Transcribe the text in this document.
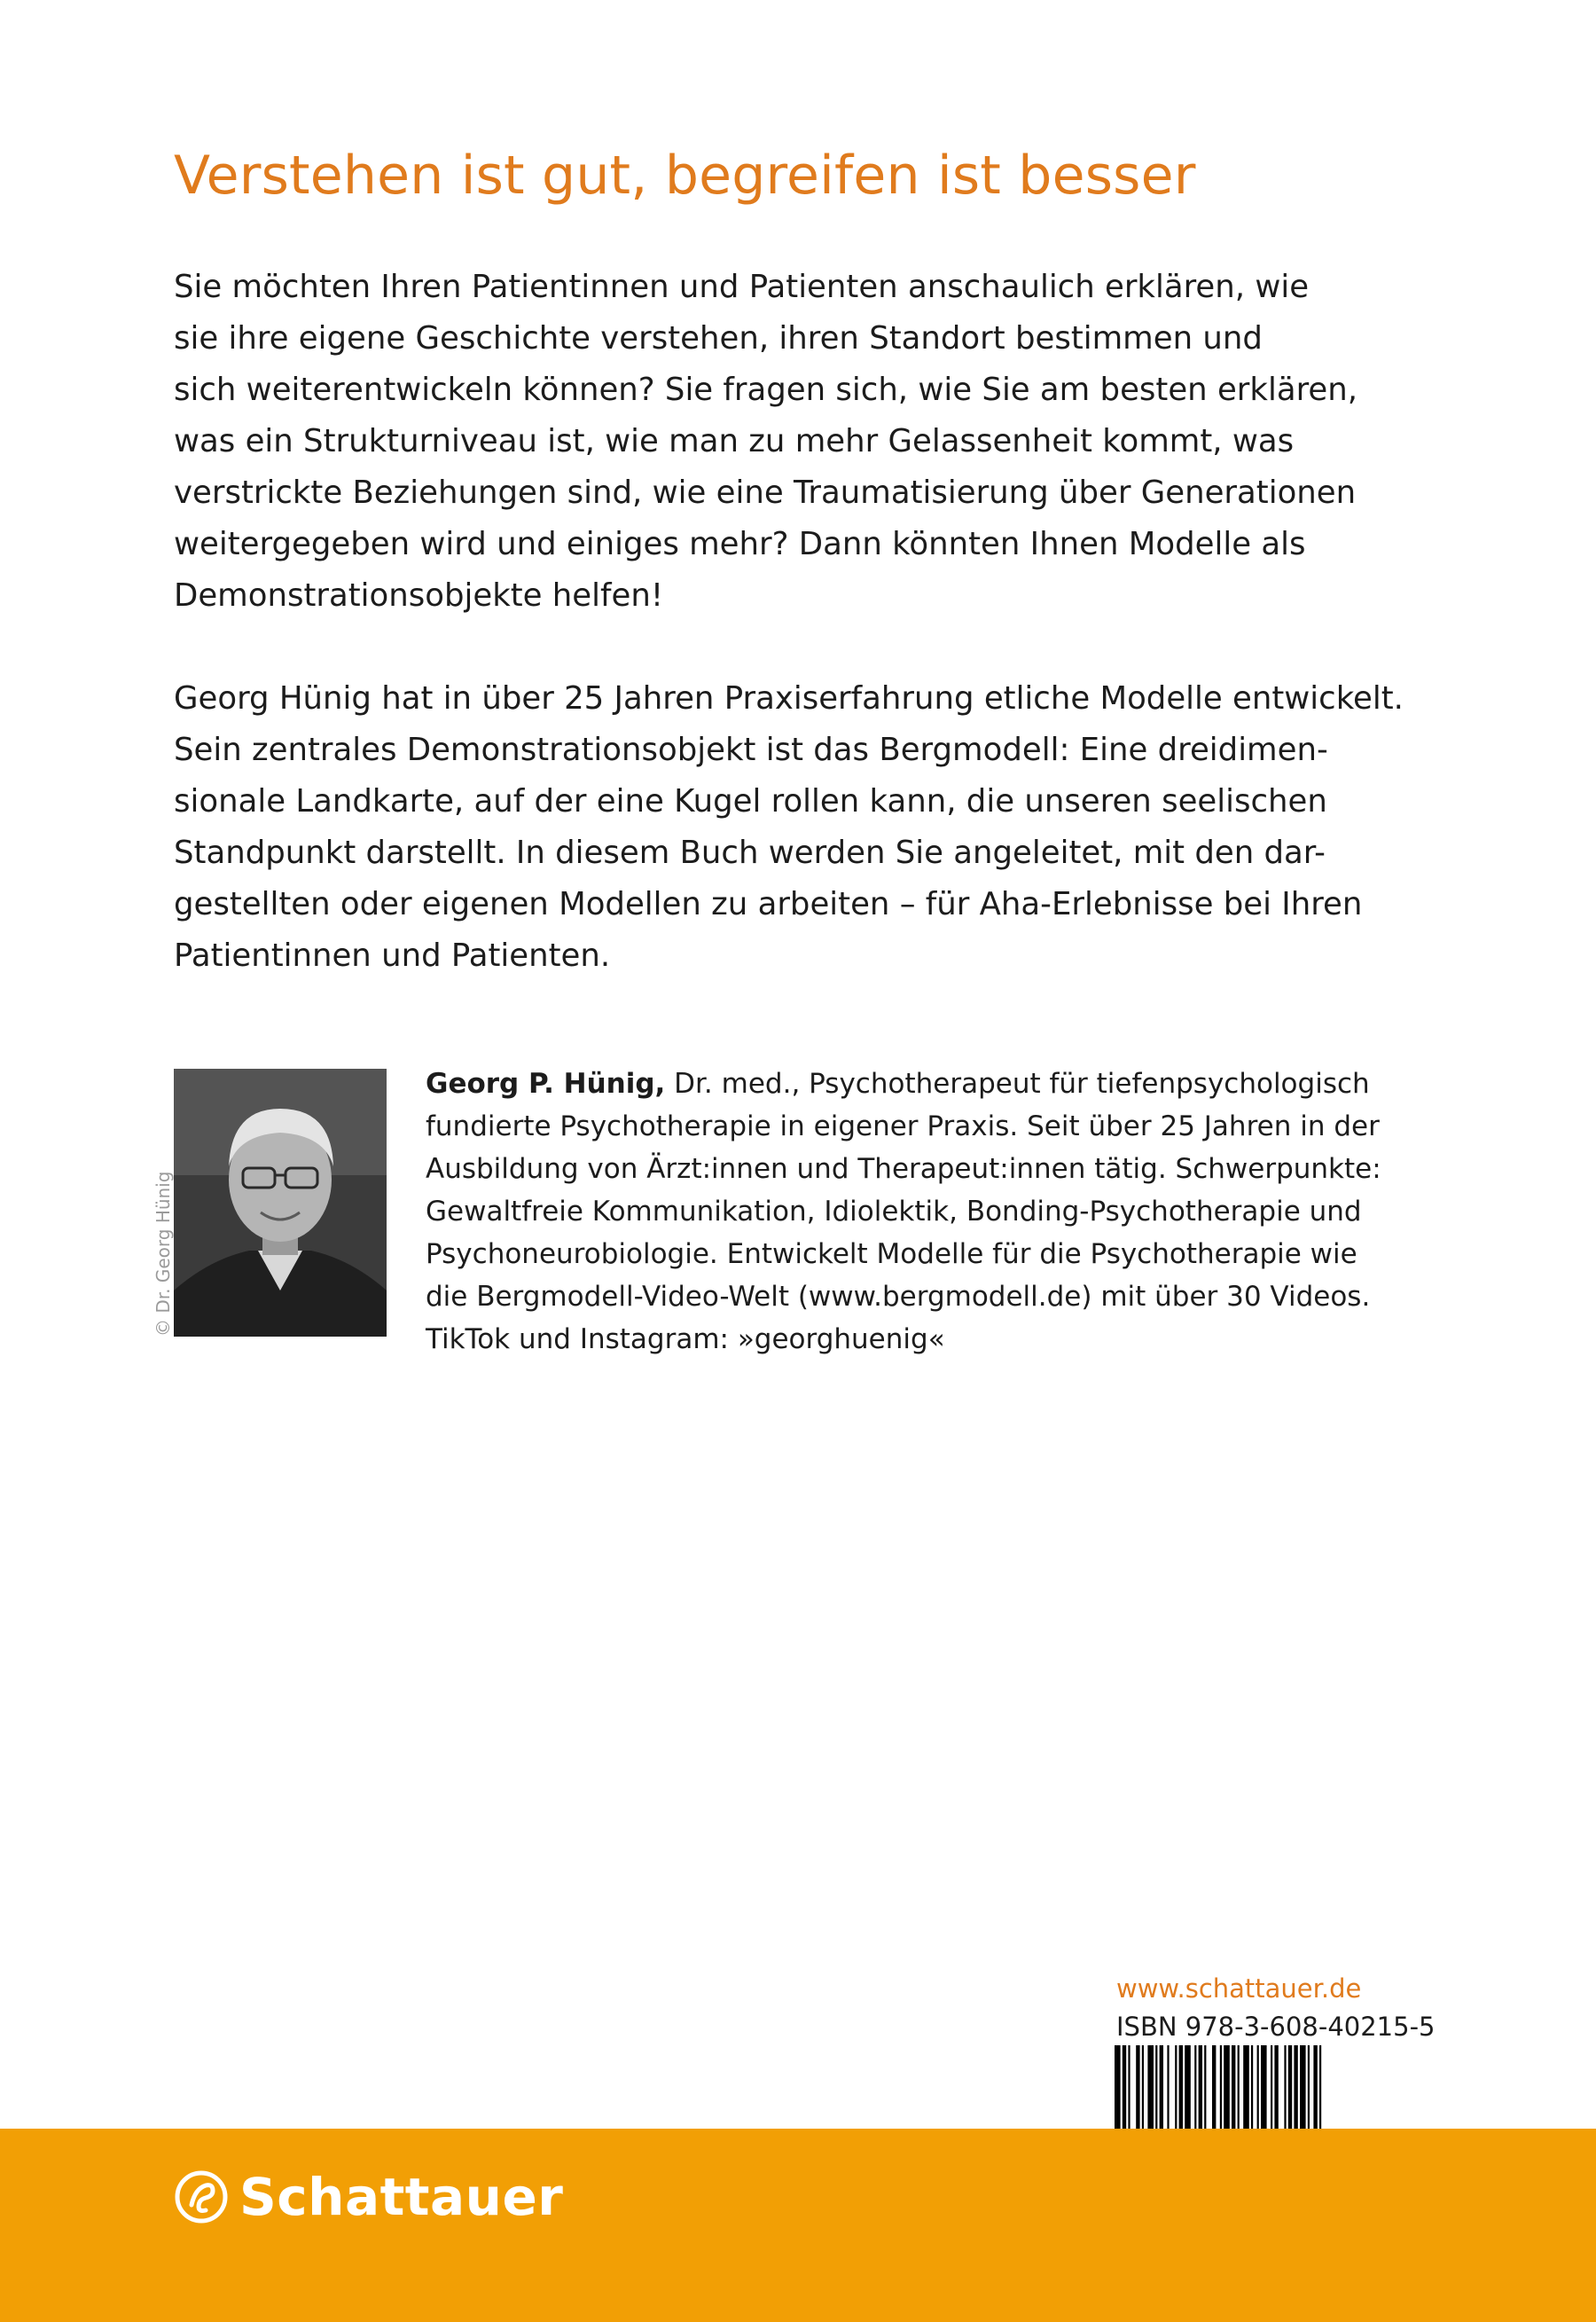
Verstehen ist gut, begreifen ist besser
Sie möchten Ihren Patientinnen und Patienten anschaulich erklären, wie
sie ihre eigene Geschichte verstehen, ihren Standort bestimmen und
sich weiterentwickeln können? Sie fragen sich, wie Sie am besten erklären,
was ein Strukturniveau ist, wie man zu mehr Gelassenheit kommt, was
verstrickte Beziehungen sind, wie eine Traumatisierung über Generationen
weitergegeben wird und einiges mehr? Dann könnten Ihnen Modelle als
Demonstrationsobjekte helfen!
Georg Hünig hat in über 25 Jahren Praxiserfahrung etliche Modelle entwickelt.
Sein zentrales Demonstrationsobjekt ist das Bergmodell: Eine dreidimen-
sionale Landkarte, auf der eine Kugel rollen kann, die unseren seelischen
Standpunkt darstellt. In diesem Buch werden Sie angeleitet, mit den dar-
gestellten oder eigenen Modellen zu arbeiten – für Aha-Erlebnisse bei Ihren
Patientinnen und Patienten.
© Dr. Georg Hünig
Georg P. Hünig, Dr. med., Psychotherapeut für tiefenpsychologisch
fundierte Psychotherapie in eigener Praxis. Seit über 25 Jahren in der
Ausbildung von Ärzt:innen und Therapeut:innen tätig. Schwerpunkte:
Gewaltfreie Kommunikation, Idiolektik, Bonding-Psychotherapie und
Psychoneurobiologie. Entwickelt Modelle für die Psychotherapie wie
die Bergmodell-Video-Welt (www.bergmodell.de) mit über 30 Videos.
TikTok und Instagram: »georghuenig«
www.schattauer.de
ISBN 978-3-608-40215-5
Schattauer
